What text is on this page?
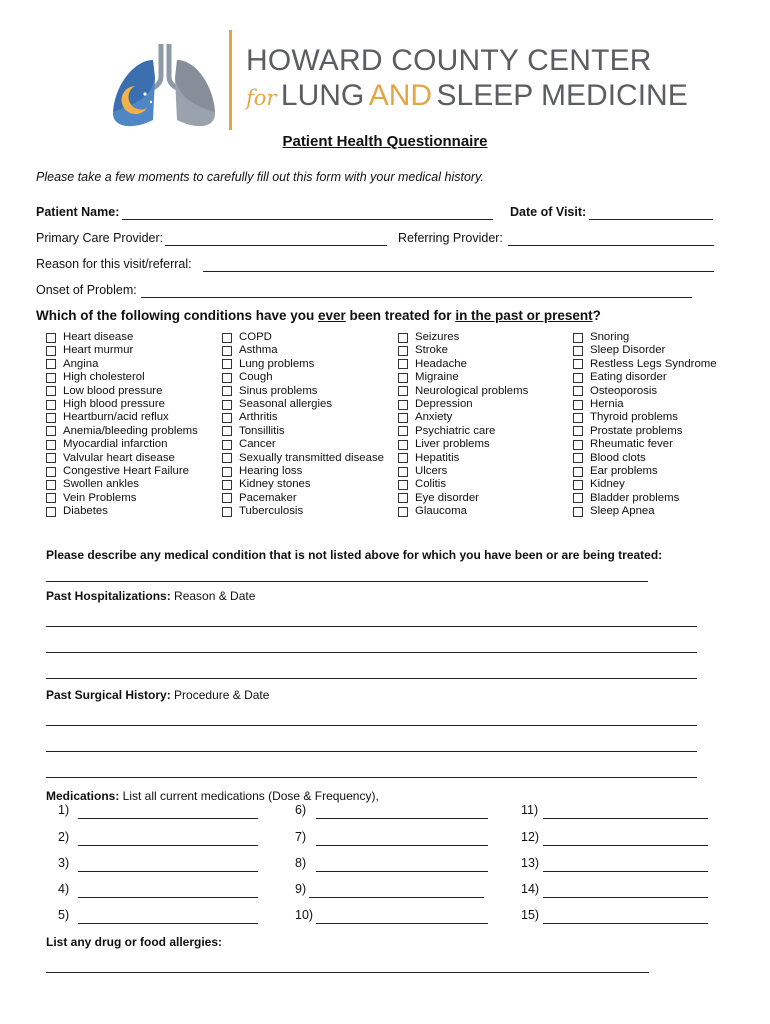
HOWARD COUNTY CENTER
for LUNG AND SLEEP MEDICINE
Patient Health Questionnaire
Please take a few moments to carefully fill out this form with your medical history.
Patient Name:	Date of Visit:
Primary Care Provider:	Referring Provider:
Reason for this visit/referral:
Onset of Problem:
Which of the following conditions have you ever been treated for in the past or present?
Heart disease
Heart murmur
Angina
High cholesterol
Low blood pressure
High blood pressure
Heartburn/acid reflux
Anemia/bleeding problems
Myocardial infarction
Valvular heart disease
Congestive Heart Failure
Swollen ankles
Vein Problems
Diabetes
COPD
Asthma
Lung problems
Cough
Sinus problems
Seasonal allergies
Arthritis
Tonsillitis
Cancer
Sexually transmitted disease
Hearing loss
Kidney stones
Pacemaker
Tuberculosis
Seizures
Stroke
Headache
Migraine
Neurological problems
Depression
Anxiety
Psychiatric care
Liver problems
Hepatitis
Ulcers
Colitis
Eye disorder
Glaucoma
Snoring
Sleep Disorder
Restless Legs Syndrome
Eating disorder
Osteoporosis
Hernia
Thyroid problems
Prostate problems
Rheumatic fever
Blood clots
Ear problems
Kidney
Bladder problems
Sleep Apnea
Please describe any medical condition that is not listed above for which you have been or are being treated:
Past Hospitalizations: Reason & Date
Past Surgical History: Procedure & Date
Medications: List all current medications (Dose & Frequency),
1)
2)
3)
4)
5)
6)
7)
8)
9)
10)
11)
12)
13)
14)
15)
List any drug or food allergies:
